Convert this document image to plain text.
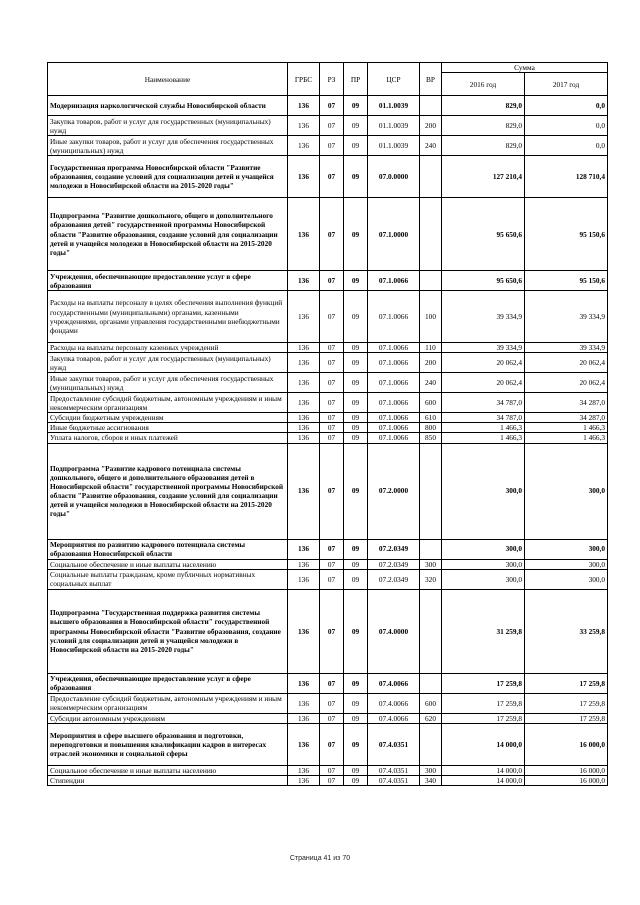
Наименование	ГРБС	РЗ	ПР	ЦСР	ВР	Сумма	
						2016 год	2017 год
Модернизация наркологической службы Новосибирской области	136	07	09	01.1.0039		829,0	0,0
Закупка товаров, работ и услуг для государственных (муниципальных) нужд	136	07	09	01.1.0039	200	829,0	0,0
Иные закупки товаров, работ и услуг для обеспечения государственных (муниципальных) нужд	136	07	09	01.1.0039	240	829,0	0,0
Государственная программа Новосибирской области "Развитие образования, создание условий для социализации детей и учащейся молодежи в Новосибирской области на 2015-2020 годы"	136	07	09	07.0.0000		127 210,4	128 710,4
Подпрограмма "Развитие дошкольного, общего и дополнительного образования детей" государственной программы Новосибирской области "Развитие образования, создание условий для социализации детей и учащейся молодежи в Новосибирской области на 2015-2020 годы"	136	07	09	07.1.0000		95 650,6	95 150,6
Учреждения, обеспечивающие предоставление услуг в сфере образования	136	07	09	07.1.0066		95 650,6	95 150,6
Расходы на выплаты персоналу в целях обеспечения выполнения функций государственными (муниципальными) органами, казенными учреждениями, органами управления государственными внебюджетными фондами	136	07	09	07.1.0066	100	39 334,9	39 334,9
Расходы на выплаты персоналу казенных учреждений	136	07	09	07.1.0066	110	39 334,9	39 334,9
Закупка товаров, работ и услуг для государственных (муниципальных) нужд	136	07	09	07.1.0066	200	20 062,4	20 062,4
Иные закупки товаров, работ и услуг для обеспечения государственных (муниципальных) нужд	136	07	09	07.1.0066	240	20 062,4	20 062,4
Предоставление субсидий бюджетным, автономным учреждениям и иным некоммерческим организациям	136	07	09	07.1.0066	600	34 787,0	34 287,0
Субсидии бюджетным учреждениям	136	07	09	07.1.0066	610	34 787,0	34 287,0
Иные бюджетные ассигнования	136	07	09	07.1.0066	800	1 466,3	1 466,3
Уплата налогов, сборов и иных платежей	136	07	09	07.1.0066	850	1 466,3	1 466,3
Подпрограмма "Развитие кадрового потенциала системы дошкольного, общего и дополнительного образования детей в Новосибирской области" государственной программы Новосибирской области "Развитие образования, создание условий для социализации детей и учащейся молодежи в Новосибирской области на 2015-2020 годы"	136	07	09	07.2.0000		300,0	300,0
Мероприятия по развитию кадрового потенциала системы образования Новосибирской области	136	07	09	07.2.0349		300,0	300,0
Социальное обеспечение и иные выплаты населению	136	07	09	07.2.0349	300	300,0	300,0
Социальные выплаты гражданам, кроме публичных нормативных социальных выплат	136	07	09	07.2.0349	320	300,0	300,0
Подпрограмма "Государственная поддержка развития системы высшего образования в Новосибирской области" государственной программы Новосибирской области "Развитие образования, создание условий для социализации детей и учащейся молодежи в Новосибирской области на 2015-2020 годы"	136	07	09	07.4.0000		31 259,8	33 259,8
Учреждения, обеспечивающие предоставление услуг в сфере образования	136	07	09	07.4.0066		17 259,8	17 259,8
Предоставление субсидий бюджетным, автономным учреждениям и иным некоммерческим организациям	136	07	09	07.4.0066	600	17 259,8	17 259,8
Субсидии автономным учреждениям	136	07	09	07.4.0066	620	17 259,8	17 259,8
Мероприятия в сфере высшего образования и подготовки, переподготовки и повышения квалификации кадров в интересах отраслей экономики и социальной сферы	136	07	09	07.4.0351		14 000,0	16 000,0
Социальное обеспечение и иные выплаты населению	136	07	09	07.4.0351	300	14 000,0	16 000,0
Стипендии	136	07	09	07.4.0351	340	14 000,0	16 000,0
Страница 41 из 70
